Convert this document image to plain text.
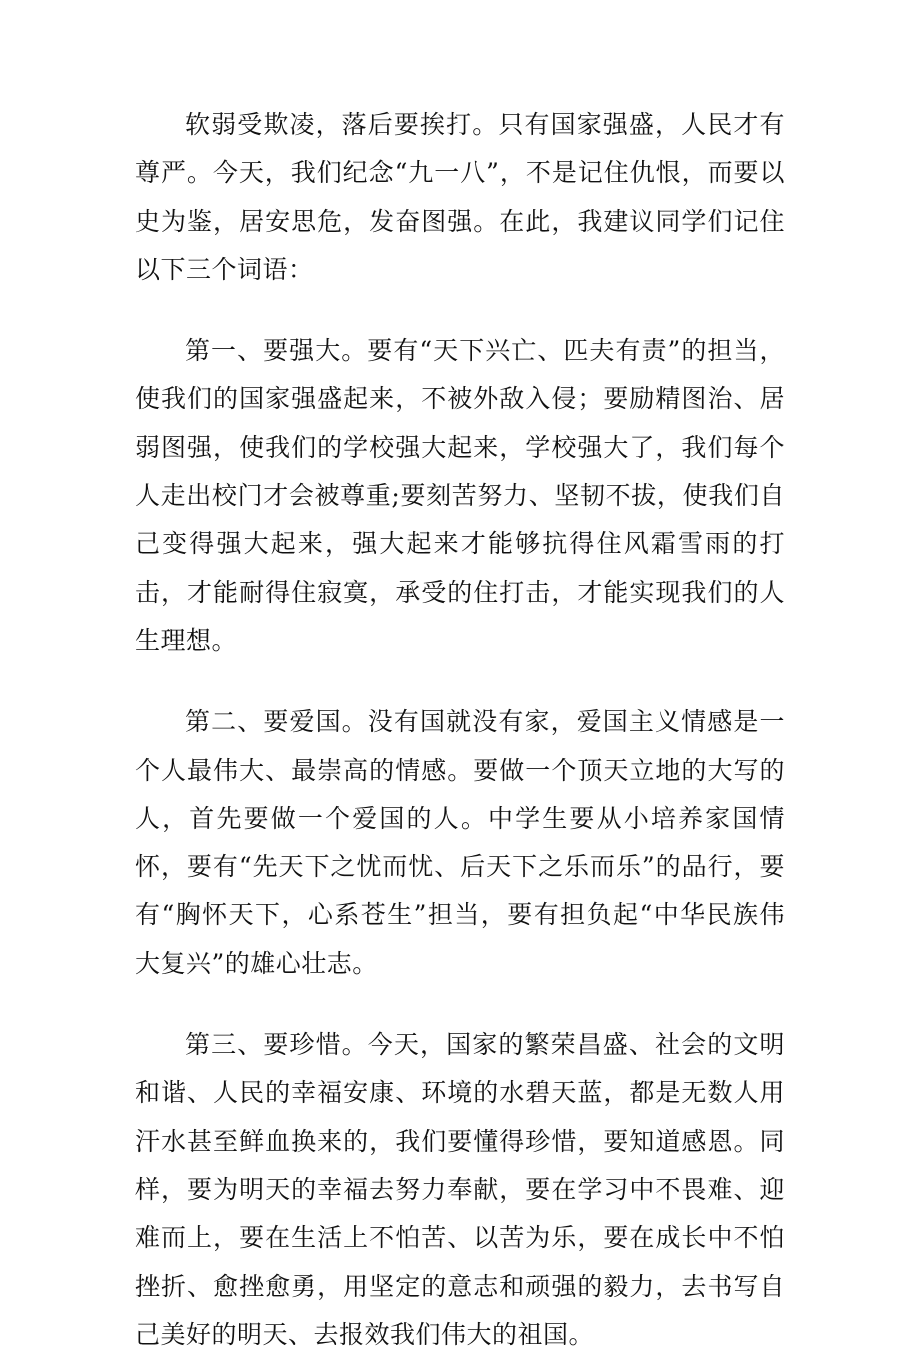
软弱受欺凌，落后要挨打。只有国家强盛，人民才有尊严。今天，我们纪念“九一八”，不是记住仇恨，而要以史为鉴，居安思危，发奋图强。在此，我建议同学们记住以下三个词语：

第一、要强大。要有“天下兴亡、匹夫有责”的担当，使我们的国家强盛起来，不被外敌入侵；要励精图治、居弱图强，使我们的学校强大起来，学校强大了，我们每个人走出校门才会被尊重;要刻苦努力、坚韧不拔，使我们自己变得强大起来，强大起来才能够抗得住风霜雪雨的打击，才能耐得住寂寞，承受的住打击，才能实现我们的人生理想。

第二、要爱国。没有国就没有家，爱国主义情感是一个人最伟大、最崇高的情感。要做一个顶天立地的大写的人，首先要做一个爱国的人。中学生要从小培养家国情怀，要有“先天下之忧而忧、后天下之乐而乐”的品行，要有“胸怀天下，心系苍生”担当，要有担负起“中华民族伟大复兴”的雄心壮志。

第三、要珍惜。今天，国家的繁荣昌盛、社会的文明和谐、人民的幸福安康、环境的水碧天蓝，都是无数人用汗水甚至鲜血换来的，我们要懂得珍惜，要知道感恩。同样，要为明天的幸福去努力奉献，要在学习中不畏难、迎难而上，要在生活上不怕苦、以苦为乐，要在成长中不怕挫折、愈挫愈勇，用坚定的意志和顽强的毅力，去书写自己美好的明天、去报效我们伟大的祖国。
